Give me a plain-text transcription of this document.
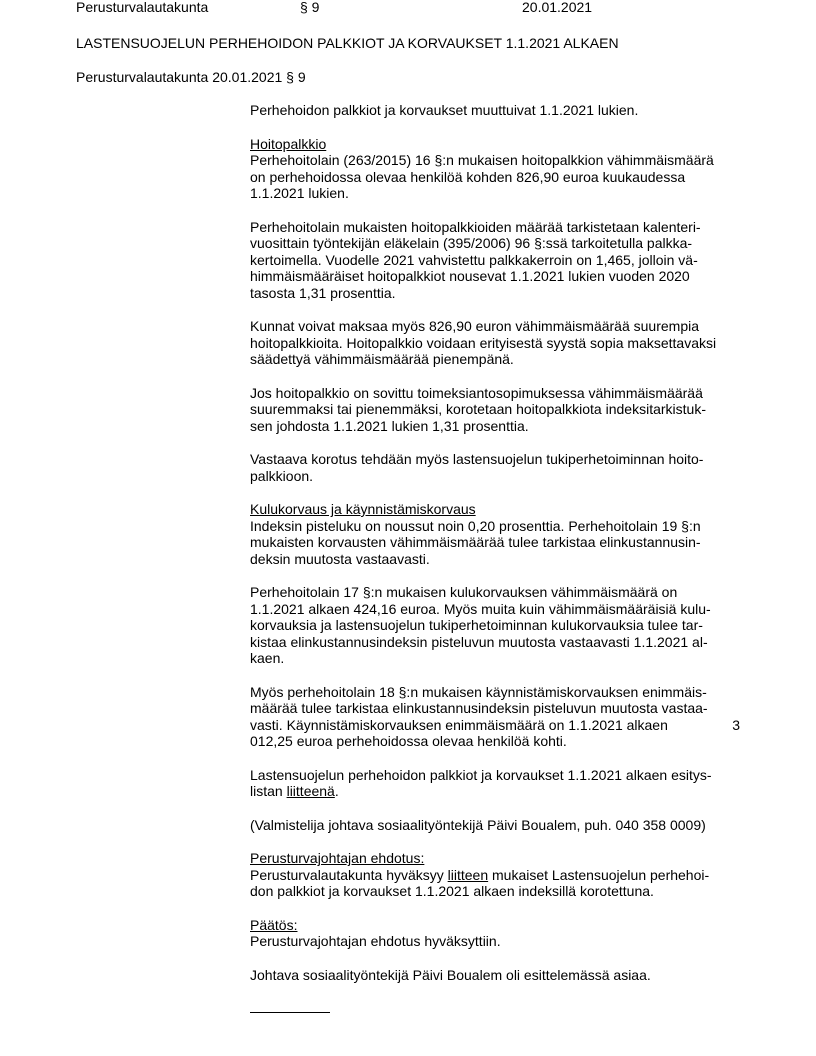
Perusturvalautakunta	§ 9	20.01.2021
LASTENSUOJELUN PERHEHOIDON PALKKIOT JA KORVAUKSET 1.1.2021 ALKAEN
Perusturvalautakunta 20.01.2021 § 9
Perhehoidon palkkiot ja korvaukset muuttuivat 1.1.2021 lukien.
Hoitopalkkio
Perhehoitolain (263/2015) 16 §:n mukaisen hoitopalkkion vähimmäismäärä
on perhehoidossa olevaa henkilöä kohden 826,90 euroa kuukaudessa
1.1.2021 lukien.
Perhehoitolain mukaisten hoitopalkkioiden määrää tarkistetaan kalenteri-
vuosittain työntekijän eläkelain (395/2006) 96 §:ssä tarkoitetulla palkka-
kertoimella. Vuodelle 2021 vahvistettu palkkakerroin on 1,465, jolloin vä-
himmäismääräiset hoitopalkkiot nousevat 1.1.2021 lukien vuoden 2020
tasosta 1,31 prosenttia.
Kunnat voivat maksaa myös 826,90 euron vähimmäismäärää suurempia
hoitopalkkioita. Hoitopalkkio voidaan erityisestä syystä sopia maksettavaksi
säädettyä vähimmäismäärää pienempänä.
Jos hoitopalkkio on sovittu toimeksiantosopimuksessa vähimmäismäärää
suuremmaksi tai pienemmäksi, korotetaan hoitopalkkiota indeksitarkistuk-
sen johdosta 1.1.2021 lukien 1,31 prosenttia.
Vastaava korotus tehdään myös lastensuojelun tukiperhetoiminnan hoito-
palkkioon.
Kulukorvaus ja käynnistämiskorvaus
Indeksin pisteluku on noussut noin 0,20 prosenttia. Perhehoitolain 19 §:n
mukaisten korvausten vähimmäismäärää tulee tarkistaa elinkustannusin-
deksin muutosta vastaavasti.
Perhehoitolain 17 §:n mukaisen kulukorvauksen vähimmäismäärä on
1.1.2021 alkaen 424,16 euroa. Myös muita kuin vähimmäismääräisiä kulu-
korvauksia ja lastensuojelun tukiperhetoiminnan kulukorvauksia tulee tar-
kistaa elinkustannusindeksin pisteluvun muutosta vastaavasti 1.1.2021 al-
kaen.
Myös perhehoitolain 18 §:n mukaisen käynnistämiskorvauksen enimmäis-
määrää tulee tarkistaa elinkustannusindeksin pisteluvun muutosta vastaa-
vasti. Käynnistämiskorvauksen enimmäismäärä on 1.1.2021 alkaen	3
012,25 euroa perhehoidossa olevaa henkilöä kohti.
Lastensuojelun perhehoidon palkkiot ja korvaukset 1.1.2021 alkaen esitys-
listan liitteenä.
(Valmistelija johtava sosiaalityöntekijä Päivi Boualem, puh. 040 358 0009)
Perusturvajohtajan ehdotus:
Perusturvalautakunta hyväksyy liitteen mukaiset Lastensuojelun perhehoi-
don palkkiot ja korvaukset 1.1.2021 alkaen indeksillä korotettuna.
Päätös:
Perusturvajohtajan ehdotus hyväksyttiin.
Johtava sosiaalityöntekijä Päivi Boualem oli esittelemässä asiaa.
